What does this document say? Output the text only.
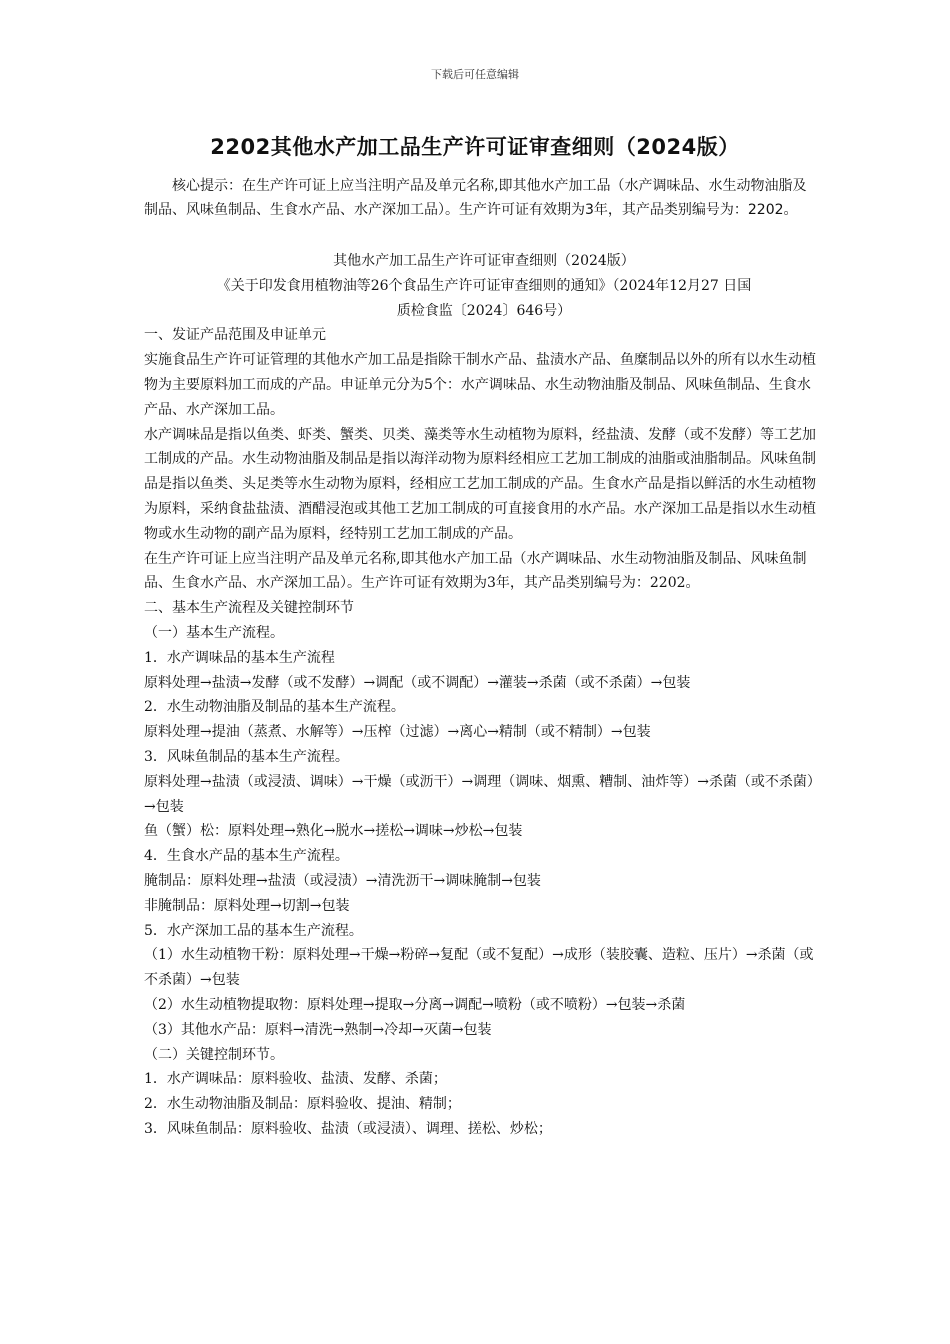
下载后可任意编辑
2202其他水产加工品生产许可证审查细则（2024版）
核心提示：在生产许可证上应当注明产品及单元名称,即其他水产加工品（水产调味品、水生动物油脂及制品、风味鱼制品、生食水产品、水产深加工品）。生产许可证有效期为3年，其产品类别编号为：2202。

其他水产加工品生产许可证审查细则（2024版）

《关于印发食用植物油等26个食品生产许可证审查细则的通知》（2024年12月27 日国

质检食监〔2024〕646号）

一、发证产品范围及申证单元

实施食品生产许可证管理的其他水产加工品是指除干制水产品、盐渍水产品、鱼糜制品以外的所有以水生动植物为主要原料加工而成的产品。申证单元分为5个：水产调味品、水生动物油脂及制品、风味鱼制品、生食水产品、水产深加工品。

水产调味品是指以鱼类、虾类、蟹类、贝类、藻类等水生动植物为原料，经盐渍、发酵（或不发酵）等工艺加工制成的产品。水生动物油脂及制品是指以海洋动物为原料经相应工艺加工制成的油脂或油脂制品。风味鱼制品是指以鱼类、头足类等水生动物为原料，经相应工艺加工制成的产品。生食水产品是指以鲜活的水生动植物为原料，采纳食盐盐渍、酒醋浸泡或其他工艺加工制成的可直接食用的水产品。水产深加工品是指以水生动植物或水生动物的副产品为原料，经特别工艺加工制成的产品。

在生产许可证上应当注明产品及单元名称,即其他水产加工品（水产调味品、水生动物油脂及制品、风味鱼制品、生食水产品、水产深加工品）。生产许可证有效期为3年，其产品类别编号为：2202。

二、基本生产流程及关键控制环节

（一）基本生产流程。

1．水产调味品的基本生产流程

原料处理→盐渍→发酵（或不发酵）→调配（或不调配）→灌装→杀菌（或不杀菌）→包装

2．水生动物油脂及制品的基本生产流程。

原料处理→提油（蒸煮、水解等）→压榨（过滤）→离心→精制（或不精制）→包装

3．风味鱼制品的基本生产流程。

原料处理→盐渍（或浸渍、调味）→干燥（或沥干）→调理（调味、烟熏、糟制、油炸等）→杀菌（或不杀菌）→包装

鱼（蟹）松：原料处理→熟化→脱水→搓松→调味→炒松→包装

4．生食水产品的基本生产流程。

腌制品：原料处理→盐渍（或浸渍）→清洗沥干→调味腌制→包装

非腌制品：原料处理→切割→包装

5．水产深加工品的基本生产流程。

（1）水生动植物干粉：原料处理→干燥→粉碎→复配（或不复配）→成形（装胶囊、造粒、压片）→杀菌（或不杀菌）→包装

（2）水生动植物提取物：原料处理→提取→分离→调配→喷粉（或不喷粉）→包装→杀菌

（3）其他水产品：原料→清洗→熟制→冷却→灭菌→包装

（二）关键控制环节。

1．水产调味品：原料验收、盐渍、发酵、杀菌；

2．水生动物油脂及制品：原料验收、提油、精制；

3．风味鱼制品：原料验收、盐渍（或浸渍）、调理、搓松、炒松；
